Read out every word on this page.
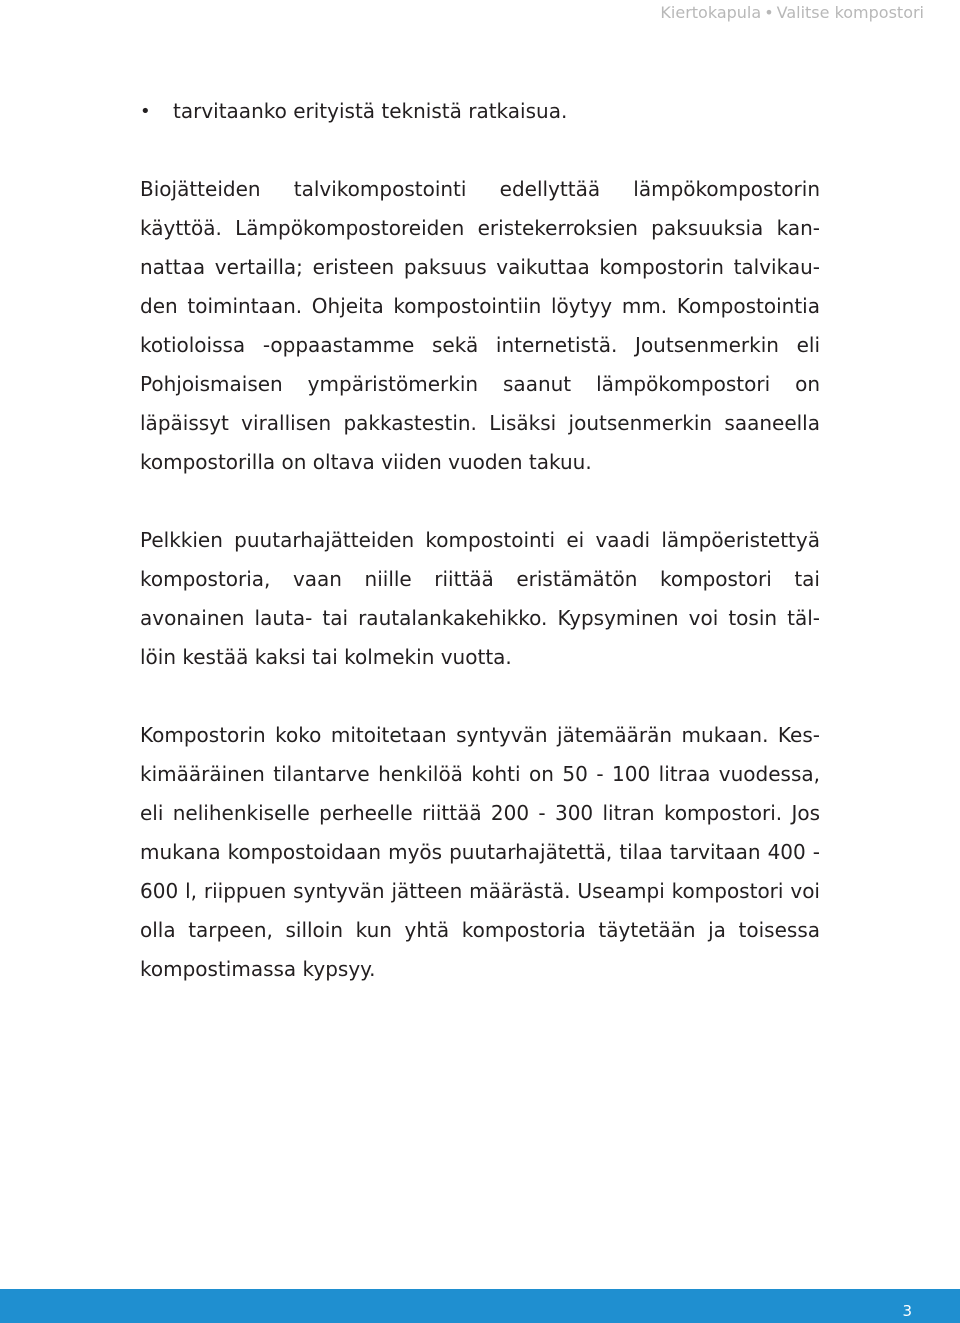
Kiertokapula • Valitse kompostori
• tarvitaanko erityistä teknistä ratkaisua.

Biojätteiden talvikompostointi edellyttää lämpökompostorin käyttöä. Lämpökompostoreiden eristekerroksien paksuuksia kannattaa vertailla; eristeen paksuus vaikuttaa kompostorin talvikauden toimintaan. Ohjeita kompostointiin löytyy mm. Kompostointia kotioloissa -oppaastamme sekä internetistä. Joutsenmerkin eli Pohjoismaisen ympäristömerkin saanut lämpökompostori on läpäissyt virallisen pakkastestin. Lisäksi joutsenmerkin saaneella kompostorilla on oltava viiden vuoden takuu.

Pelkkien puutarhajätteiden kompostointi ei vaadi lämpöeristettyä kompostoria, vaan niille riittää eristämätön kompostori tai avonainen lauta- tai rautalankakehikko. Kypsyminen voi tosin tällöin kestää kaksi tai kolmekin vuotta.

Kompostorin koko mitoitetaan syntyvän jätemäärän mukaan. Keskimääräinen tilantarve henkilöä kohti on 50 - 100 litraa vuodessa, eli nelihenkiselle perheelle riittää 200 - 300 litran kompostori. Jos mukana kompostoidaan myös puutarhajätettä, tilaa tarvitaan 400 - 600 l, riippuen syntyvän jätteen määrästä. Useampi kompostori voi olla tarpeen, silloin kun yhtä kompostoria täytetään ja toisessa kompostimassa kypsyy.

3
